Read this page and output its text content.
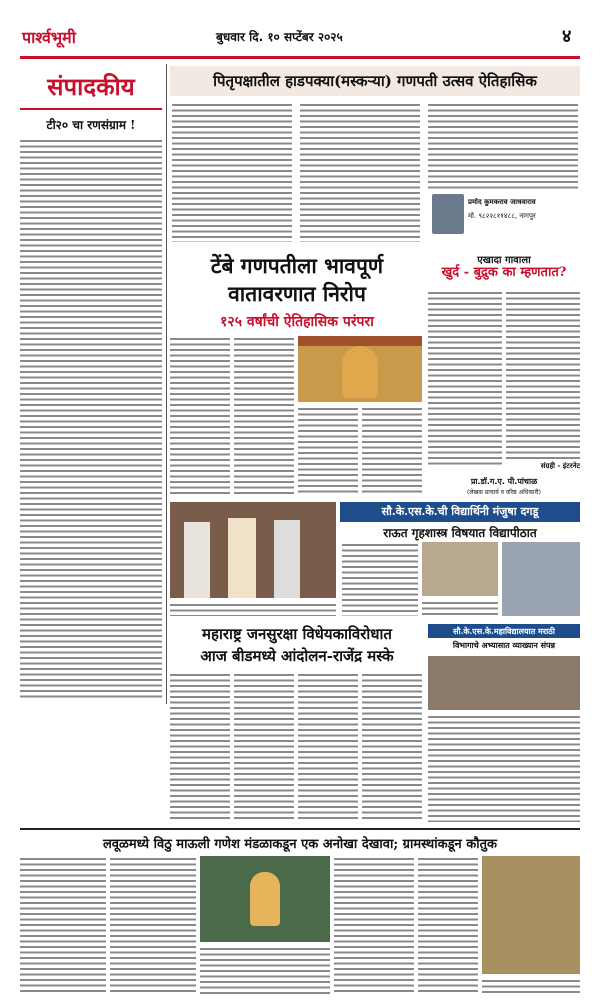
पार्श्वभूमी	बुधवार दि. १० सप्टेंबर २०२५	४
संपादकीय
टी२० चा रणसंग्राम !
पितृपक्षातील हाडपक्या(मस्कऱ्या) गणपती उत्सव ऐतिहासिक
प्रमोद कुमकराव जाधवाराव
मो. ९८२२८११४८८, नागपुर
टेंबे गणपतीला भावपूर्ण
वातावरणात निरोप
१२५ वर्षांची ऐतिहासिक परंपरा
एखादा गावाला
खुर्द - बुद्रुक का म्हणतात?
संग्रही - इंटरनेट
प्रा.डॉ.ग.ए. पी.पांचाळ
(लेखक प्राचार्य व वरिष्ठ अधिकारी)
सौ.के.एस.के.ची विद्यार्थिनी मंजुषा दगडू
राऊत गृहशास्त्र विषयात विद्यापीठात
सौ.के.एस.के.महाविद्यालयात मराठी
विभागाचे अभ्यासात व्याख्यान संपन्न
महाराष्ट्र जनसुरक्षा विधेयकाविरोधात
आज बीडमध्ये आंदोलन-राजेंद्र मस्के
लवूळमध्ये विठु माऊली गणेश मंडळाकडून एक अनोखा देखावा; ग्रामस्थांकडून कौतुक
